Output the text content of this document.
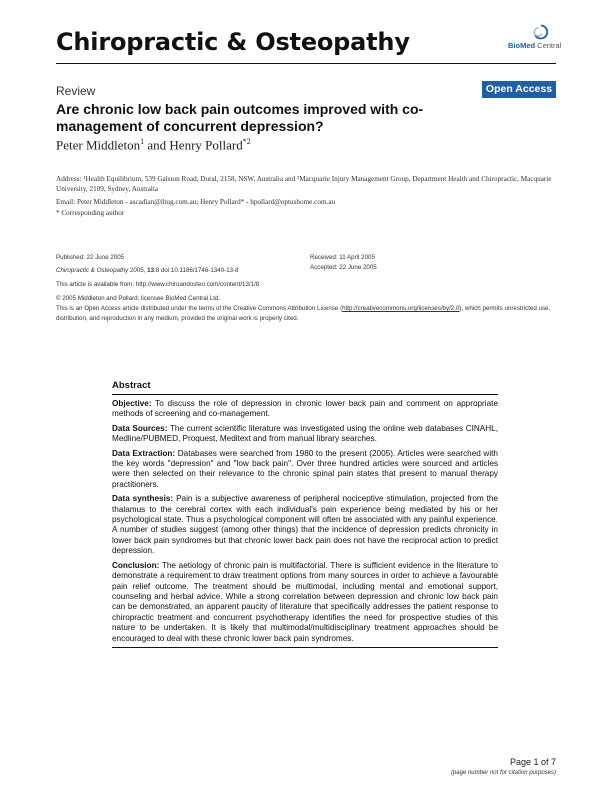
Chiropractic & Osteopathy	BioMed Central
Review	Open Access
Are chronic low back pain outcomes improved with co-management of concurrent depression?
Peter Middleton$^1$ and Henry Pollard$^{*2}$
Address: ¹Health Equilibrium, 539 Galston Road, Dural, 2158, NSW, Australia and ²Macquarie Injury Management Group, Department Health and Chiropractic, Macquarie University, 2109, Sydney, Australia
Email: Peter Middleton - ascadian@ihug.com.au; Henry Pollard* - hpollard@optushome.com.au
* Corresponding author
Published: 22 June 2005	Received: 11 April 2005
Accepted: 22 June 2005
Chiropractic & Osteopathy 2005, 13:8 doi:10.1186/1746-1340-13-8
This article is available from: http://www.chiroandosteo.com/content/13/1/8
© 2005 Middleton and Pollard; licensee BioMed Central Ltd.
This is an Open Access article distributed under the terms of the Creative Commons Attribution License (http://creativecommons.org/licenses/by/2.0), which permits unrestricted use, distribution, and reproduction in any medium, provided the original work is properly cited.
Abstract
Objective: To discuss the role of depression in chronic lower back pain and comment on appropriate methods of screening and co-management.
Data Sources: The current scientific literature was investigated using the online web databases CINAHL, Medline/PUBMED, Proquest, Meditext and from manual library searches.
Data Extraction: Databases were searched from 1980 to the present (2005). Articles were searched with the key words "depression" and "low back pain". Over three hundred articles were sourced and articles were then selected on their relevance to the chronic spinal pain states that present to manual therapy practitioners.
Data synthesis: Pain is a subjective awareness of peripheral nociceptive stimulation, projected from the thalamus to the cerebral cortex with each individual's pain experience being mediated by his or her psychological state. Thus a psychological component will often be associated with any painful experience. A number of studies suggest (among other things) that the incidence of depression predicts chronicity in lower back pain syndromes but that chronic lower back pain does not have the reciprocal action to predict depression.
Conclusion: The aetiology of chronic pain is multifactorial. There is sufficient evidence in the literature to demonstrate a requirement to draw treatment options from many sources in order to achieve a favourable pain relief outcome. The treatment should be multimodal, including mental and emotional support, counseling and herbal advice. While a strong correlation between depression and chronic low back pain can be demonstrated, an apparent paucity of literature that specifically addresses the patient response to chiropractic treatment and concurrent psychotherapy identifies the need for prospective studies of this nature to be undertaken. It is likely that multimodal/multidisciplinary treatment approaches should be encouraged to deal with these chronic lower back pain syndromes.
Page 1 of 7
(page number not for citation purposes)
